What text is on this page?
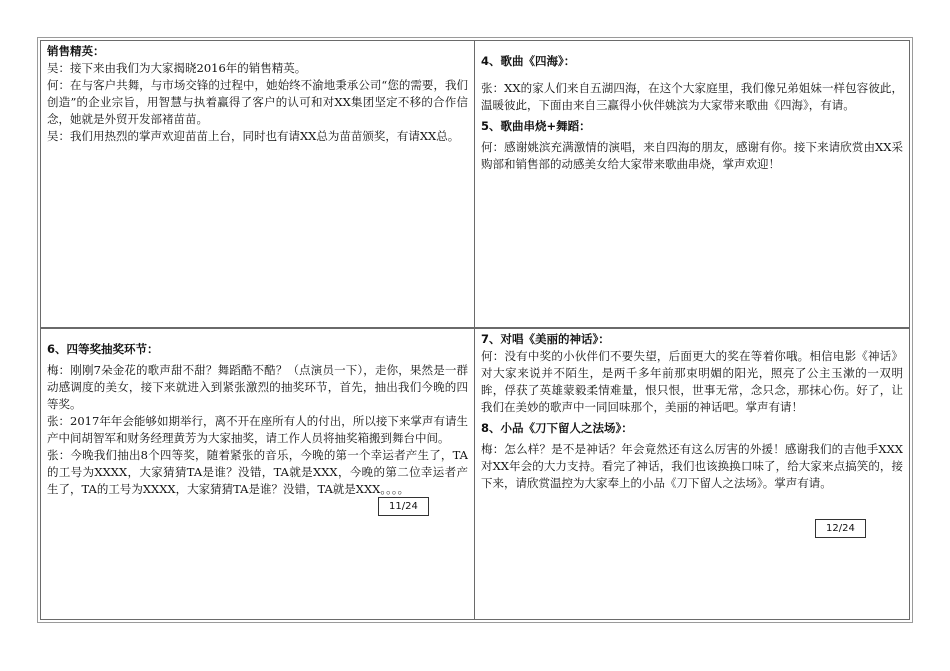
销售精英：

吴：接下来由我们为大家揭晓2016年的销售精英。

何：在与客户共舞，与市场交锋的过程中，她始终不渝地秉承公司“您的需要，我们创造”的企业宗旨，用智慧与执着赢得了客户的认可和对XX集团坚定不移的合作信念，她就是外贸开发部褚苗苗。

吴：我们用热烈的掌声欢迎苗苗上台，同时也有请XX总为苗苗颁奖，有请XX总。

4、歌曲《四海》：

张：XX的家人们来自五湖四海，在这个大家庭里，我们像兄弟姐妹一样包容彼此，温暖彼此，下面由来自三赢得小伙伴姚滨为大家带来歌曲《四海》，有请。

5、歌曲串烧+舞蹈：

何：感谢姚滨充满激情的演唱，来自四海的朋友，感谢有你。接下来请欣赏由XX采购部和销售部的动感美女给大家带来歌曲串烧，掌声欢迎！

6、四等奖抽奖环节：

梅：刚刚7朵金花的歌声甜不甜？舞蹈酷不酷？（点演员一下），走你，果然是一群动感调度的美女，接下来就进入到紧张激烈的抽奖环节，首先，抽出我们今晚的四等奖。

张：2017年年会能够如期举行，离不开在座所有人的付出，所以接下来掌声有请生产中间胡智军和财务经理黄芳为大家抽奖，请工作人员将抽奖箱搬到舞台中间。

张：今晚我们抽出8个四等奖，随着紧张的音乐，今晚的第一个幸运者产生了，TA的工号为XXXX，大家猜猜TA是谁？没错，TA就是XXX，今晚的第二位幸运者产生了，TA的工号为XXXX，大家猜猜TA是谁？没错，TA就是XXX。。。。

7、对唱《美丽的神话》：

何：没有中奖的小伙伴们不要失望，后面更大的奖在等着你哦。相信电影《神话》对大家来说并不陌生，是两千多年前那束明媚的阳光，照亮了公主玉漱的一双明眸，俘获了英雄蒙毅柔情难量，恨只恨，世事无常，念只念，那抹心伤。好了，让我们在美妙的歌声中一同回味那个，美丽的神话吧。掌声有请！

8、小品《刀下留人之法场》：

梅：怎么样？是不是神话？年会竟然还有这么厉害的外援！感谢我们的吉他手XXX对XX年会的大力支持。看完了神话，我们也该换换口味了，给大家来点搞笑的，接下来，请欣赏温控为大家奉上的小品《刀下留人之法场》。掌声有请。

11/24
12/24
